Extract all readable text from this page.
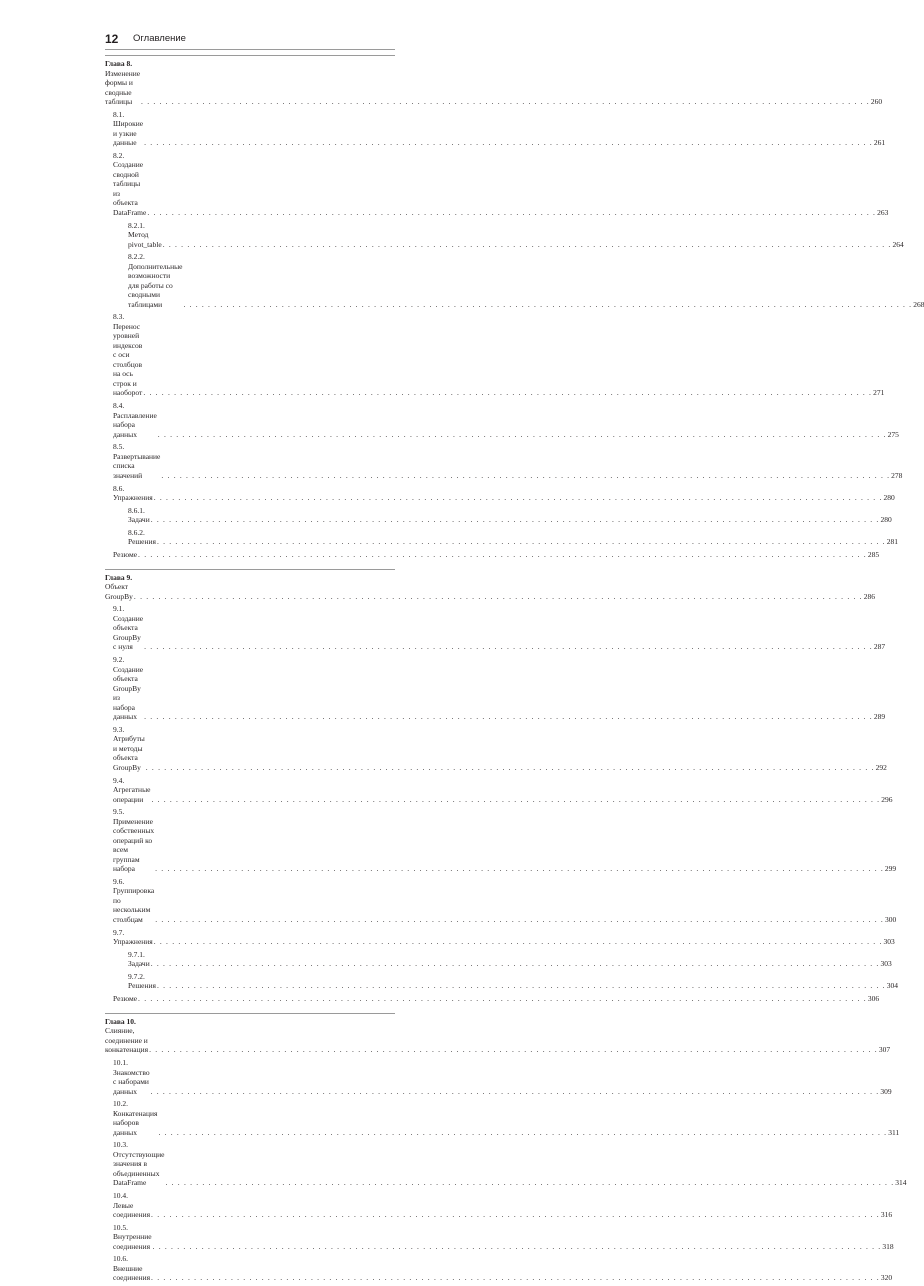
12 Оглавление
Глава 8. Изменение формы и сводные таблицы . . .	260
8.1. Широкие и узкие данные . . .	261
8.2. Создание сводной таблицы из объекта DataFrame . . .	263
8.2.1. Метод pivot_table . . .	264
8.2.2. Дополнительные возможности для работы со сводными таблицами . . .	268
8.3. Перенос уровней индексов с оси столбцов на ось строк и наоборот . . .	271
8.4. Расплавление набора данных . . .	275
8.5. Развертывание списка значений . . .	278
8.6. Упражнения . . .	280
8.6.1. Задачи . . .	280
8.6.2. Решения . . .	281
Резюме . . .	285
Глава 9. Объект GroupBy . . .	286
9.1. Создание объекта GroupBy с нуля . . .	287
9.2. Создание объекта GroupBy из набора данных . . .	289
9.3. Атрибуты и методы объекта GroupBy . . .	292
9.4. Агрегатные операции . . .	296
9.5. Применение собственных операций ко всем группам набора . . .	299
9.6. Группировка по нескольким столбцам . . .	300
9.7. Упражнения . . .	303
9.7.1. Задачи . . .	303
9.7.2. Решения . . .	304
Резюме . . .	306
Глава 10. Слияние, соединение и конкатенация . . .	307
10.1. Знакомство с наборами данных . . .	309
10.2. Конкатенация наборов данных . . .	311
10.3. Отсутствующие значения в объединенных DataFrame . . .	314
10.4. Левые соединения . . .	316
10.5. Внутренние соединения . . .	318
10.6. Внешние соединения . . .	320
